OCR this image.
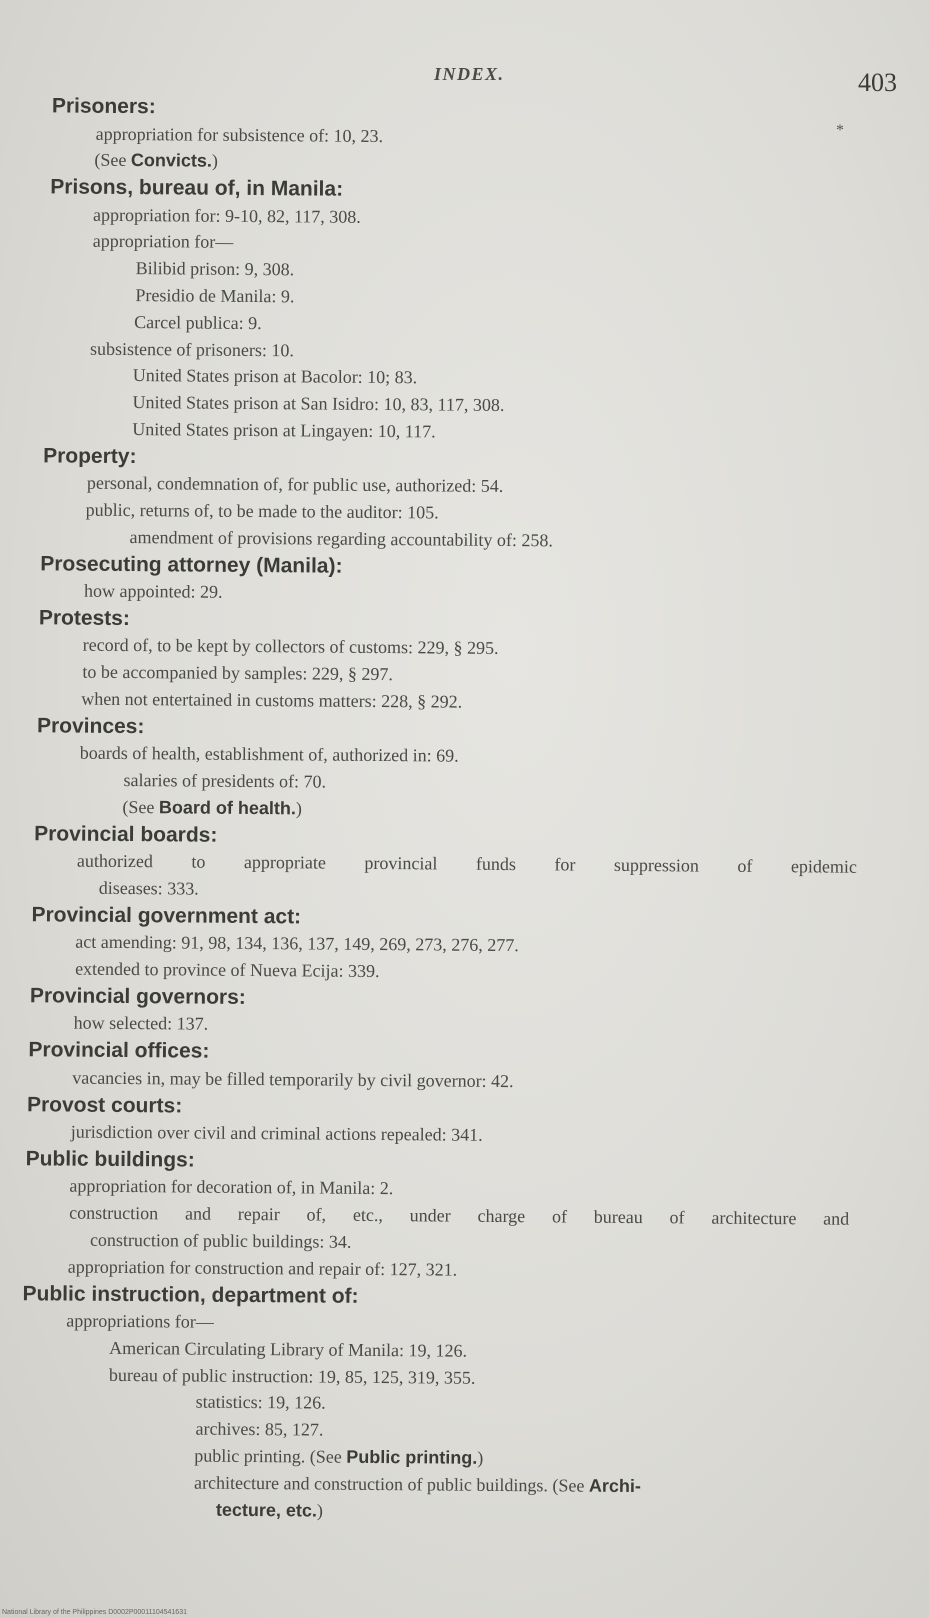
INDEX.	403
*
Prisoners:
appropriation for subsistence of: 10, 23.
(See Convicts.)
Prisons, bureau of, in Manila:
appropriation for: 9-10, 82, 117, 308.
appropriation for—
Bilibid prison: 9, 308.
Presidio de Manila: 9.
Carcel publica: 9.
subsistence of prisoners: 10.
United States prison at Bacolor: 10; 83.
United States prison at San Isidro: 10, 83, 117, 308.
United States prison at Lingayen: 10, 117.
Property:
personal, condemnation of, for public use, authorized: 54.
public, returns of, to be made to the auditor: 105.
amendment of provisions regarding accountability of: 258.
Prosecuting attorney (Manila):
how appointed: 29.
Protests:
record of, to be kept by collectors of customs: 229, § 295.
to be accompanied by samples: 229, § 297.
when not entertained in customs matters: 228, § 292.
Provinces:
boards of health, establishment of, authorized in: 69.
salaries of presidents of: 70.
(See Board of health.)
Provincial boards:
authorized to appropriate provincial funds for suppression of epidemic
diseases: 333.
Provincial government act:
act amending: 91, 98, 134, 136, 137, 149, 269, 273, 276, 277.
extended to province of Nueva Ecija: 339.
Provincial governors:
how selected: 137.
Provincial offices:
vacancies in, may be filled temporarily by civil governor: 42.
Provost courts:
jurisdiction over civil and criminal actions repealed: 341.
Public buildings:
appropriation for decoration of, in Manila: 2.
construction and repair of, etc., under charge of bureau of architecture and
construction of public buildings: 34.
appropriation for construction and repair of: 127, 321.
Public instruction, department of:
appropriations for—
American Circulating Library of Manila: 19, 126.
bureau of public instruction: 19, 85, 125, 319, 355.
statistics: 19, 126.
archives: 85, 127.
public printing. (See Public printing.)
architecture and construction of public buildings. (See Archi-
tecture, etc.)
National Library of the Philippines D0002P00011104541631
